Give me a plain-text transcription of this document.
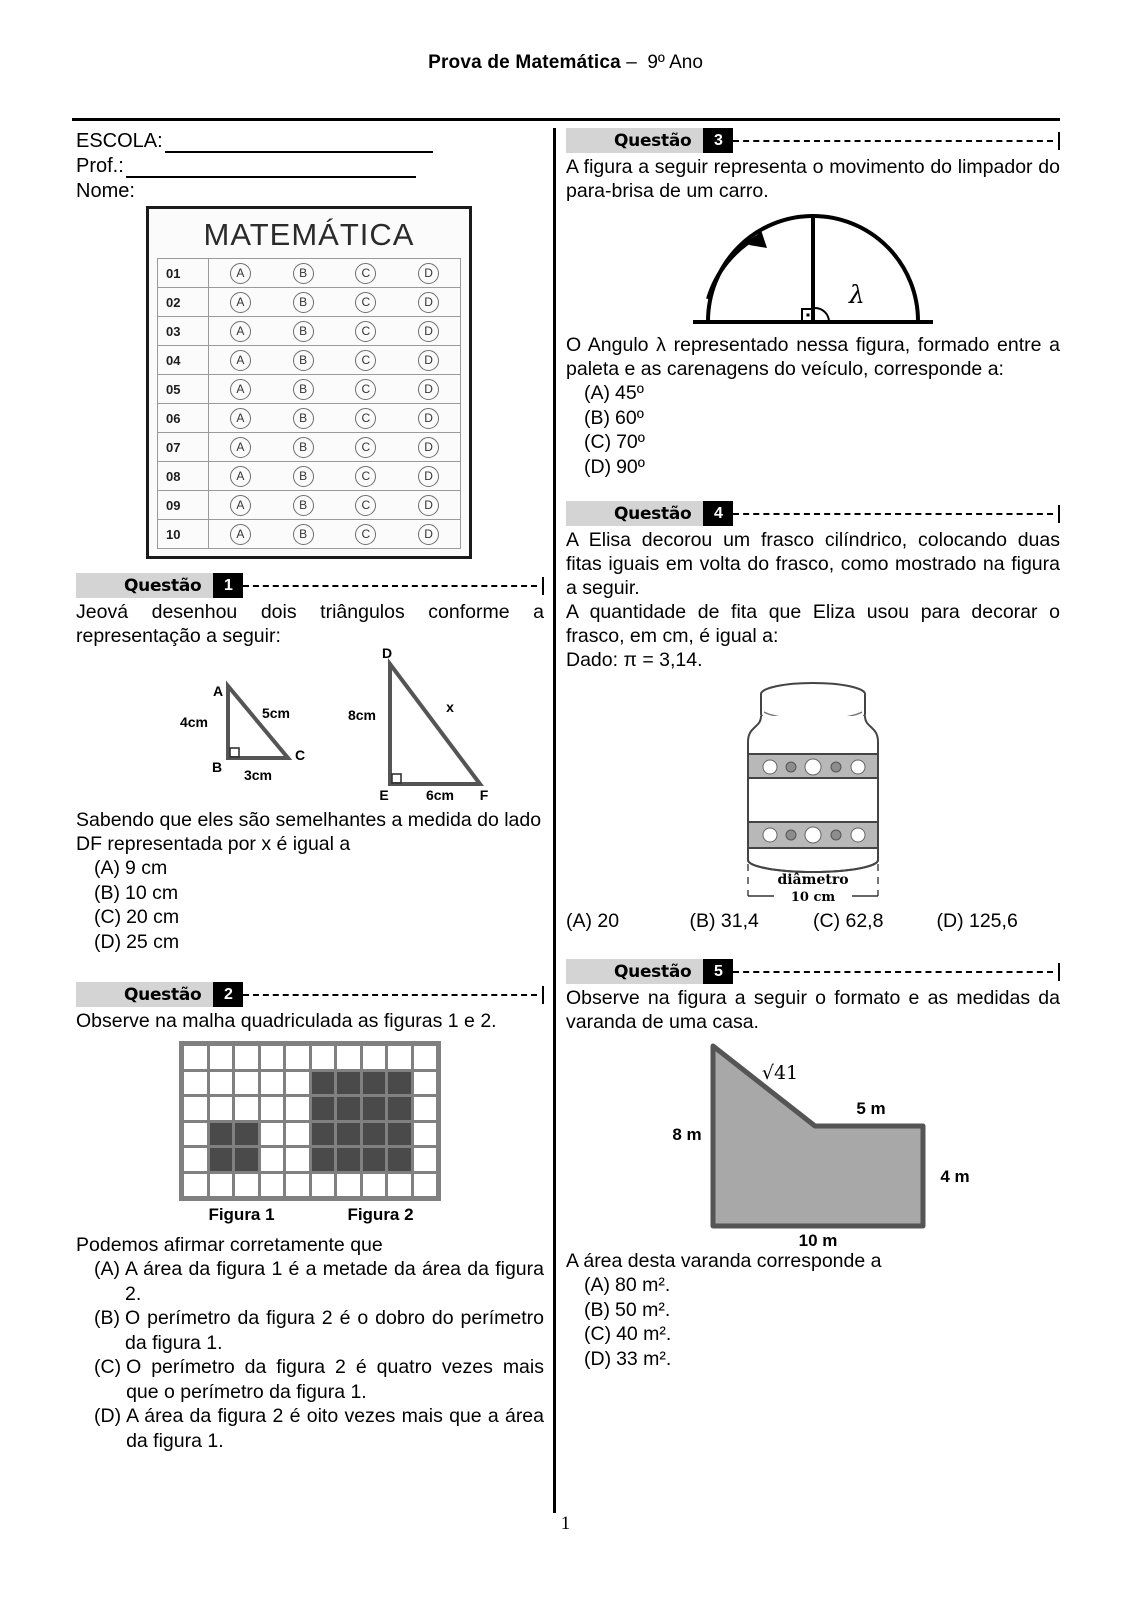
Prova de Matemática – 9º Ano
ESCOLA:
Prof.:
Nome:
MATEMÁTICA
01	A	B	C	D
02	A	B	C	D
03	A	B	C	D
04	A	B	C	D
05	A	B	C	D
06	A	B	C	D
07	A	B	C	D
08	A	B	C	D
09	A	B	C	D
10	A	B	C	D
Questão	1
Jeová desenhou dois triângulos conforme a representação a seguir:
A
B
C
4cm
5cm
3cm
D
E	F
8cm	x
6cm
Sabendo que eles são semelhantes a medida do lado DF representada por x é igual a
(A) 9 cm
(B) 10 cm
(C) 20 cm
(D) 25 cm
Questão	2
Observe na malha quadriculada as figuras 1 e 2.
Figura 1	Figura 2
Podemos afirmar corretamente que
(A) A área da figura 1 é a metade da área da figura 2.
(B) O perímetro da figura 2 é o dobro do perímetro da figura 1.
(C) O perímetro da figura 2 é quatro vezes mais que o perímetro da figura 1.
(D) A área da figura 2 é oito vezes mais que a área da figura 1.
Questão	3
A figura a seguir representa o movimento do limpador do para-brisa de um carro.
λ
O Angulo λ representado nessa figura, formado entre a paleta e as carenagens do veículo, corresponde a:
(A) 45º
(B) 60º
(C) 70º
(D) 90º
Questão	4
A Elisa decorou um frasco cilíndrico, colocando duas fitas iguais em volta do frasco, como mostrado na figura a seguir.
A quantidade de fita que Eliza usou para decorar o frasco, em cm, é igual a:
Dado: π = 3,14.
diâmetro
10 cm
(A) 20	(B) 31,4	(C) 62,8	(D) 125,6
Questão	5
Observe na figura a seguir o formato e as medidas da varanda de uma casa.
√41
8 m
5 m
4 m
10 m
A área desta varanda corresponde a
(A) 80 m².
(B) 50 m².
(C) 40 m².
(D) 33 m².
1
